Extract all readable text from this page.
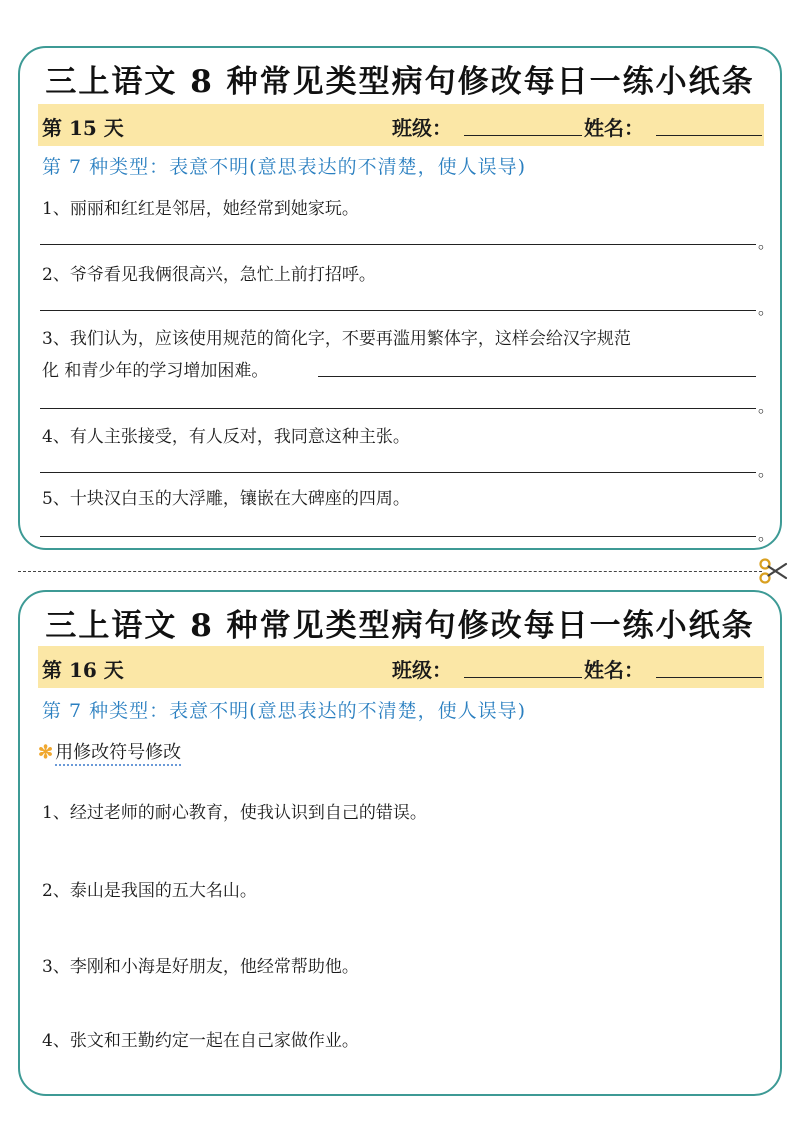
三上语文 8 种常见类型病句修改每日一练小纸条
第 15 天	班级：	姓名：
第 7 种类型：表意不明(意思表达的不清楚，使人误导)
1、丽丽和红红是邻居，她经常到她家玩。
。
2、爷爷看见我俩很高兴，急忙上前打招呼。
。
3、我们认为，应该使用规范的简化字，不要再滥用繁体字，这样会给汉字规范
化 和青少年的学习增加困难。
。
4、有人主张接受，有人反对，我同意这种主张。
。
5、十块汉白玉的大浮雕，镶嵌在大碑座的四周。
。
三上语文 8 种常见类型病句修改每日一练小纸条
第 16 天	班级：	姓名：
第 7 种类型：表意不明(意思表达的不清楚，使人误导)
✻ 用修改符号修改
1、经过老师的耐心教育，使我认识到自己的错误。
2、泰山是我国的五大名山。
3、李刚和小海是好朋友，他经常帮助他。
4、张文和王勤约定一起在自己家做作业。
